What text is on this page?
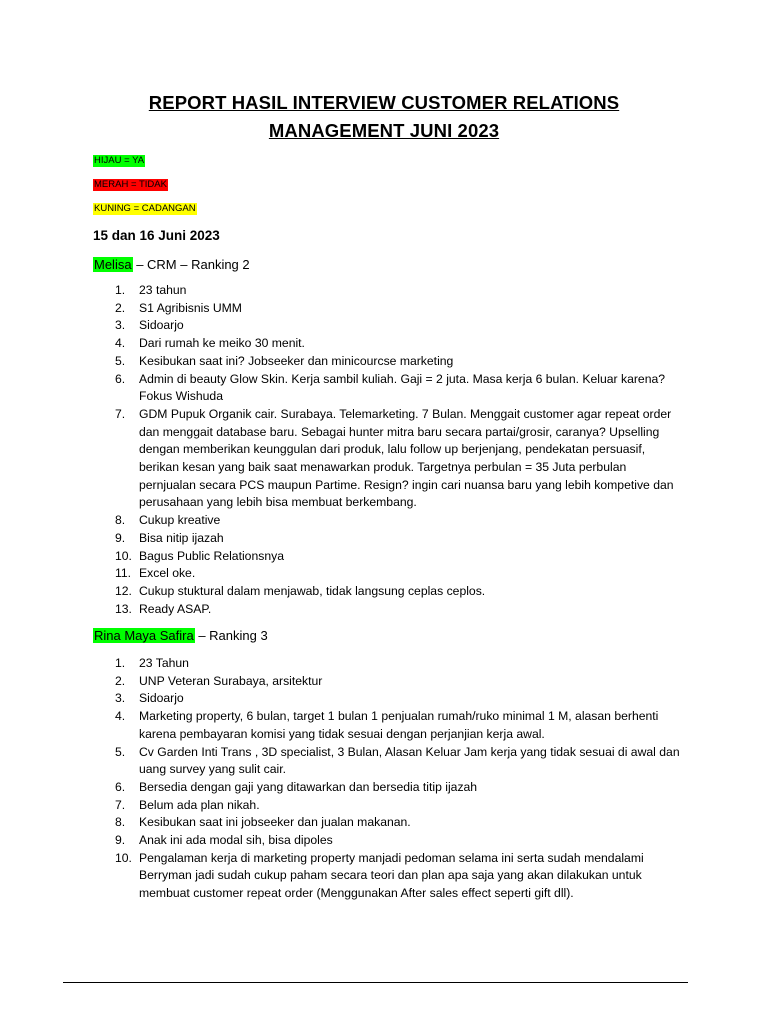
REPORT HASIL INTERVIEW CUSTOMER RELATIONS
MANAGEMENT JUNI 2023
HIJAU = YA
MERAH = TIDAK
KUNING = CADANGAN
15 dan 16 Juni 2023
Melisa – CRM – Ranking 2
1. 23 tahun
2. S1 Agribisnis UMM
3. Sidoarjo
4. Dari rumah ke meiko 30 menit.
5. Kesibukan saat ini? Jobseeker dan minicourcse marketing
6. Admin di beauty Glow Skin. Kerja sambil kuliah. Gaji = 2 juta. Masa kerja 6 bulan. Keluar karena? Fokus Wishuda
7. GDM Pupuk Organik cair. Surabaya. Telemarketing. 7 Bulan. Menggait customer agar repeat order dan menggait database baru. Sebagai hunter mitra baru secara partai/grosir, caranya? Upselling dengan memberikan keunggulan dari produk, lalu follow up berjenjang, pendekatan persuasif, berikan kesan yang baik saat menawarkan produk. Targetnya perbulan = 35 Juta perbulan pernjualan secara PCS maupun Partime. Resign? ingin cari nuansa baru yang lebih kompetive dan perusahaan yang lebih bisa membuat berkembang.
8. Cukup kreative
9. Bisa nitip ijazah
10. Bagus Public Relationsnya
11. Excel oke.
12. Cukup stuktural dalam menjawab, tidak langsung ceplas ceplos.
13. Ready ASAP.
Rina Maya Safira – Ranking 3
1. 23 Tahun
2. UNP Veteran Surabaya, arsitektur
3. Sidoarjo
4. Marketing property, 6 bulan, target 1 bulan 1 penjualan rumah/ruko minimal 1 M, alasan berhenti karena pembayaran komisi yang tidak sesuai dengan perjanjian kerja awal.
5. Cv Garden Inti Trans , 3D specialist, 3 Bulan, Alasan Keluar Jam kerja yang tidak sesuai di awal dan uang survey yang sulit cair.
6. Bersedia dengan gaji yang ditawarkan dan bersedia titip ijazah
7. Belum ada plan nikah.
8. Kesibukan saat ini jobseeker dan jualan makanan.
9. Anak ini ada modal sih, bisa dipoles
10. Pengalaman kerja di marketing property manjadi pedoman selama ini serta sudah mendalami Berryman jadi sudah cukup paham secara teori dan plan apa saja yang akan dilakukan untuk membuat customer repeat order (Menggunakan After sales effect seperti gift dll).
